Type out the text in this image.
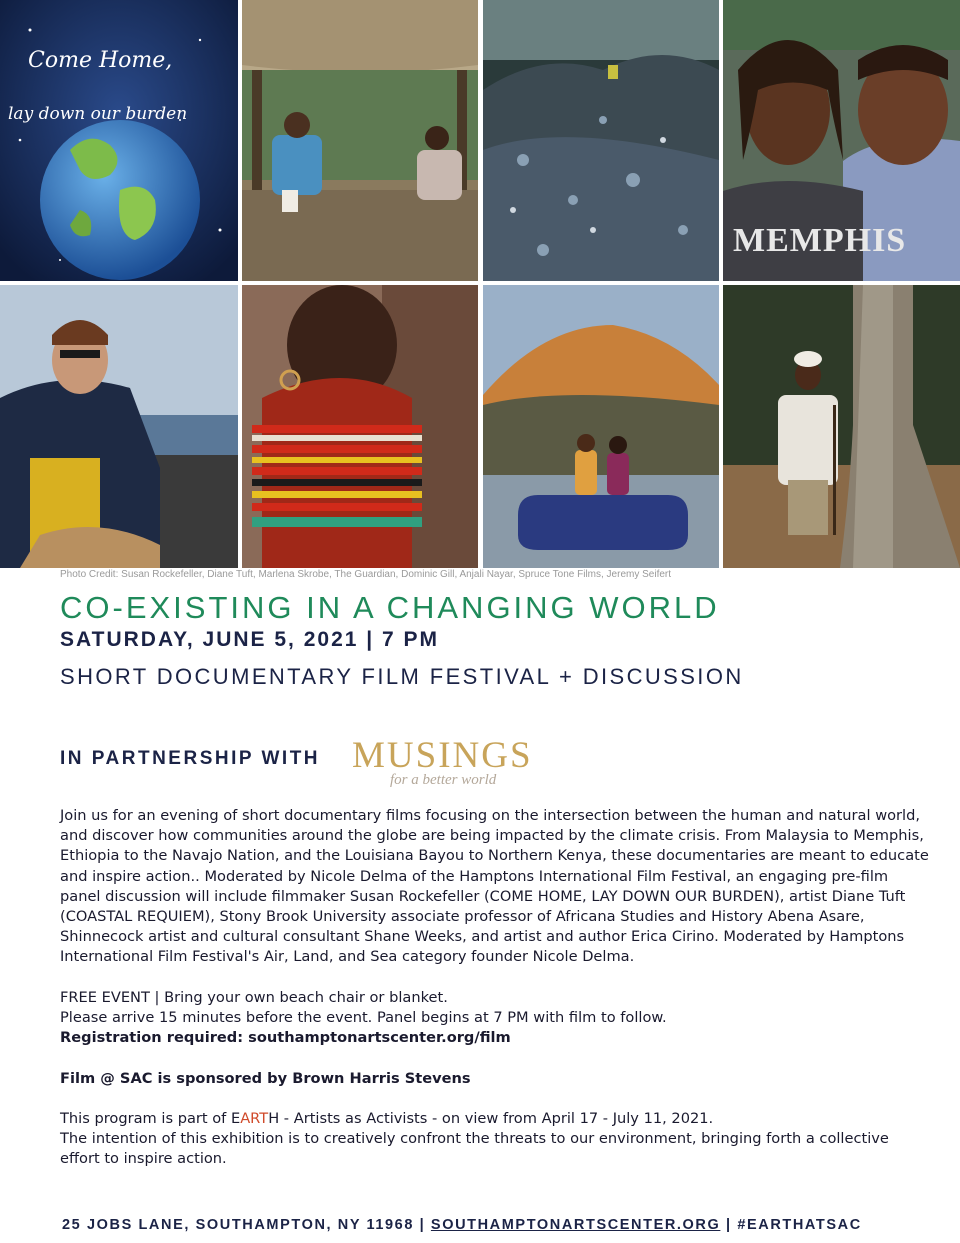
Come Home,
lay down our burden
MEMPHIS
Photo Credit: Susan Rockefeller, Diane Tuft, Marlena Skrobe, The Guardian, Dominic Gill, Anjali Nayar, Spruce Tone Films, Jeremy Seifert
CO-EXISTING IN A CHANGING WORLD
SATURDAY, JUNE 5, 2021 | 7 PM
SHORT DOCUMENTARY FILM FESTIVAL + DISCUSSION
IN PARTNERSHIP WITH MUSINGS
for a better world

Join us for an evening of short documentary films focusing on the intersection between the human and natural world, and discover how communities around the globe are being impacted by the climate crisis. From Malaysia to Memphis, Ethiopia to the Navajo Nation, and the Louisiana Bayou to Northern Kenya, these documentaries are meant to educate and inspire action.. Moderated by Nicole Delma of the Hamptons International Film Festival, an engaging pre-film panel discussion will include filmmaker Susan Rockefeller (COME HOME, LAY DOWN OUR BURDEN), artist Diane Tuft (COASTAL REQUIEM), Stony Brook University associate professor of Africana Studies and History Abena Asare, Shinnecock artist and cultural consultant Shane Weeks, and artist and author Erica Cirino. Moderated by Hamptons International Film Festival's Air, Land, and Sea category founder Nicole Delma.

FREE EVENT | Bring your own beach chair or blanket.

Please arrive 15 minutes before the event. Panel begins at 7 PM with film to follow.

Registration required: southamptonartscenter.org/film

Film @ SAC is sponsored by Brown Harris Stevens

This program is part of EARTH - Artists as Activists - on view from April 17 - July 11, 2021.

The intention of this exhibition is to creatively confront the threats to our environment, bringing forth a collective effort to inspire action.

25 JOBS LANE, SOUTHAMPTON, NY 11968 | SOUTHAMPTONARTSCENTER.ORG | #EARTHATSAC
